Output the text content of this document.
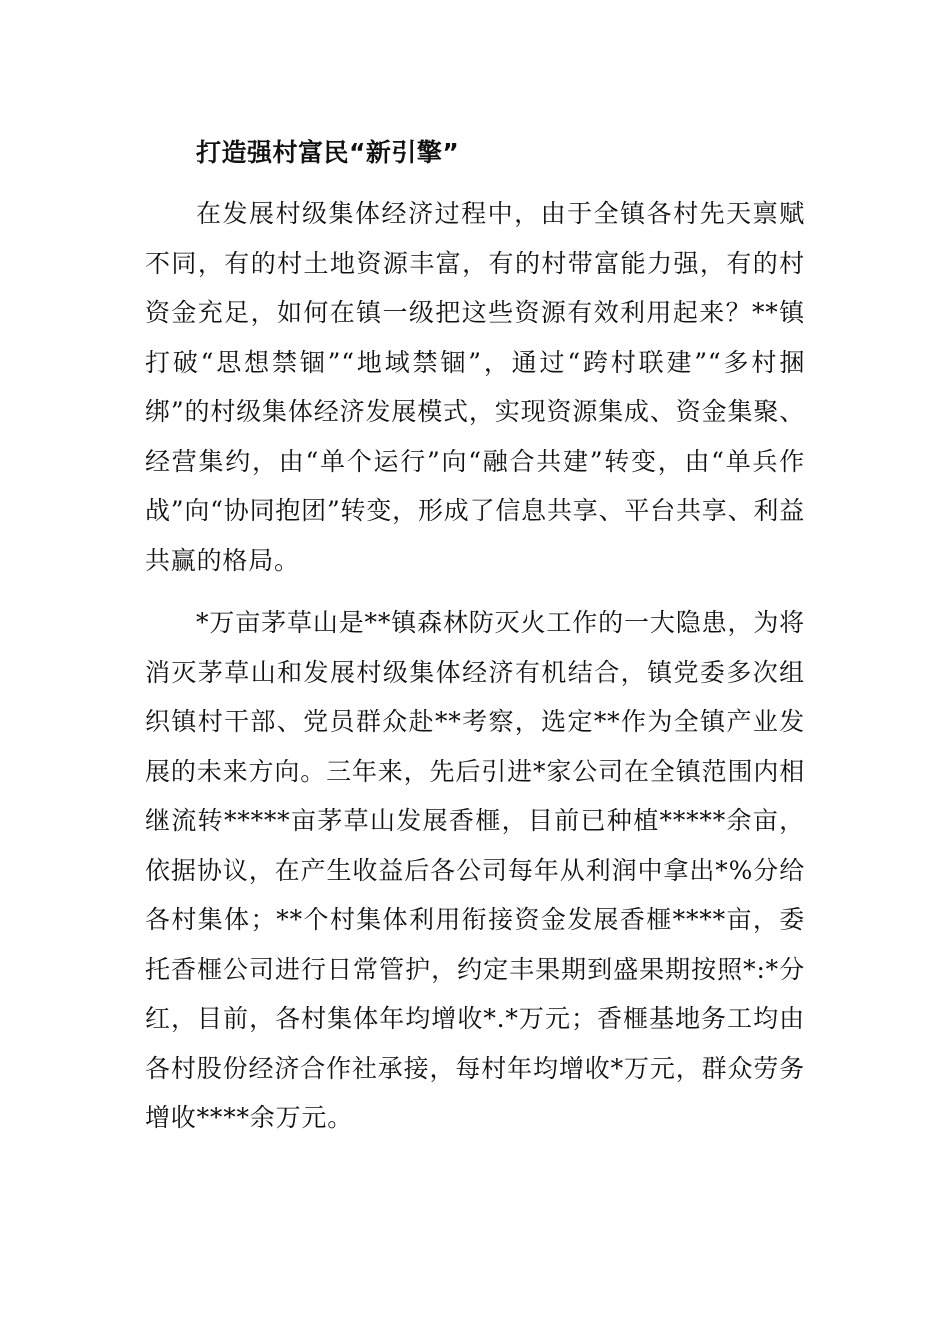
打造强村富民“新引擎”

在发展村级集体经济过程中，由于全镇各村先天禀赋不同，有的村土地资源丰富，有的村带富能力强，有的村资金充足，如何在镇一级把这些资源有效利用起来？**镇打破“思想禁锢”“地域禁锢”，通过“跨村联建”“多村捆绑”的村级集体经济发展模式，实现资源集成、资金集聚、经营集约，由“单个运行”向“融合共建”转变，由“单兵作战”向“协同抱团”转变，形成了信息共享、平台共享、利益共赢的格局。

*万亩茅草山是**镇森林防灭火工作的一大隐患，为将消灭茅草山和发展村级集体经济有机结合，镇党委多次组织镇村干部、党员群众赴**考察，选定**作为全镇产业发展的未来方向。三年来，先后引进*家公司在全镇范围内相继流转*****亩茅草山发展香榧，目前已种植*****余亩，依据协议，在产生收益后各公司每年从利润中拿出*%分给各村集体；**个村集体利用衔接资金发展香榧****亩，委托香榧公司进行日常管护，约定丰果期到盛果期按照*:*分红，目前，各村集体年均增收*.*万元；香榧基地务工均由各村股份经济合作社承接，每村年均增收*万元，群众劳务增收****余万元。
